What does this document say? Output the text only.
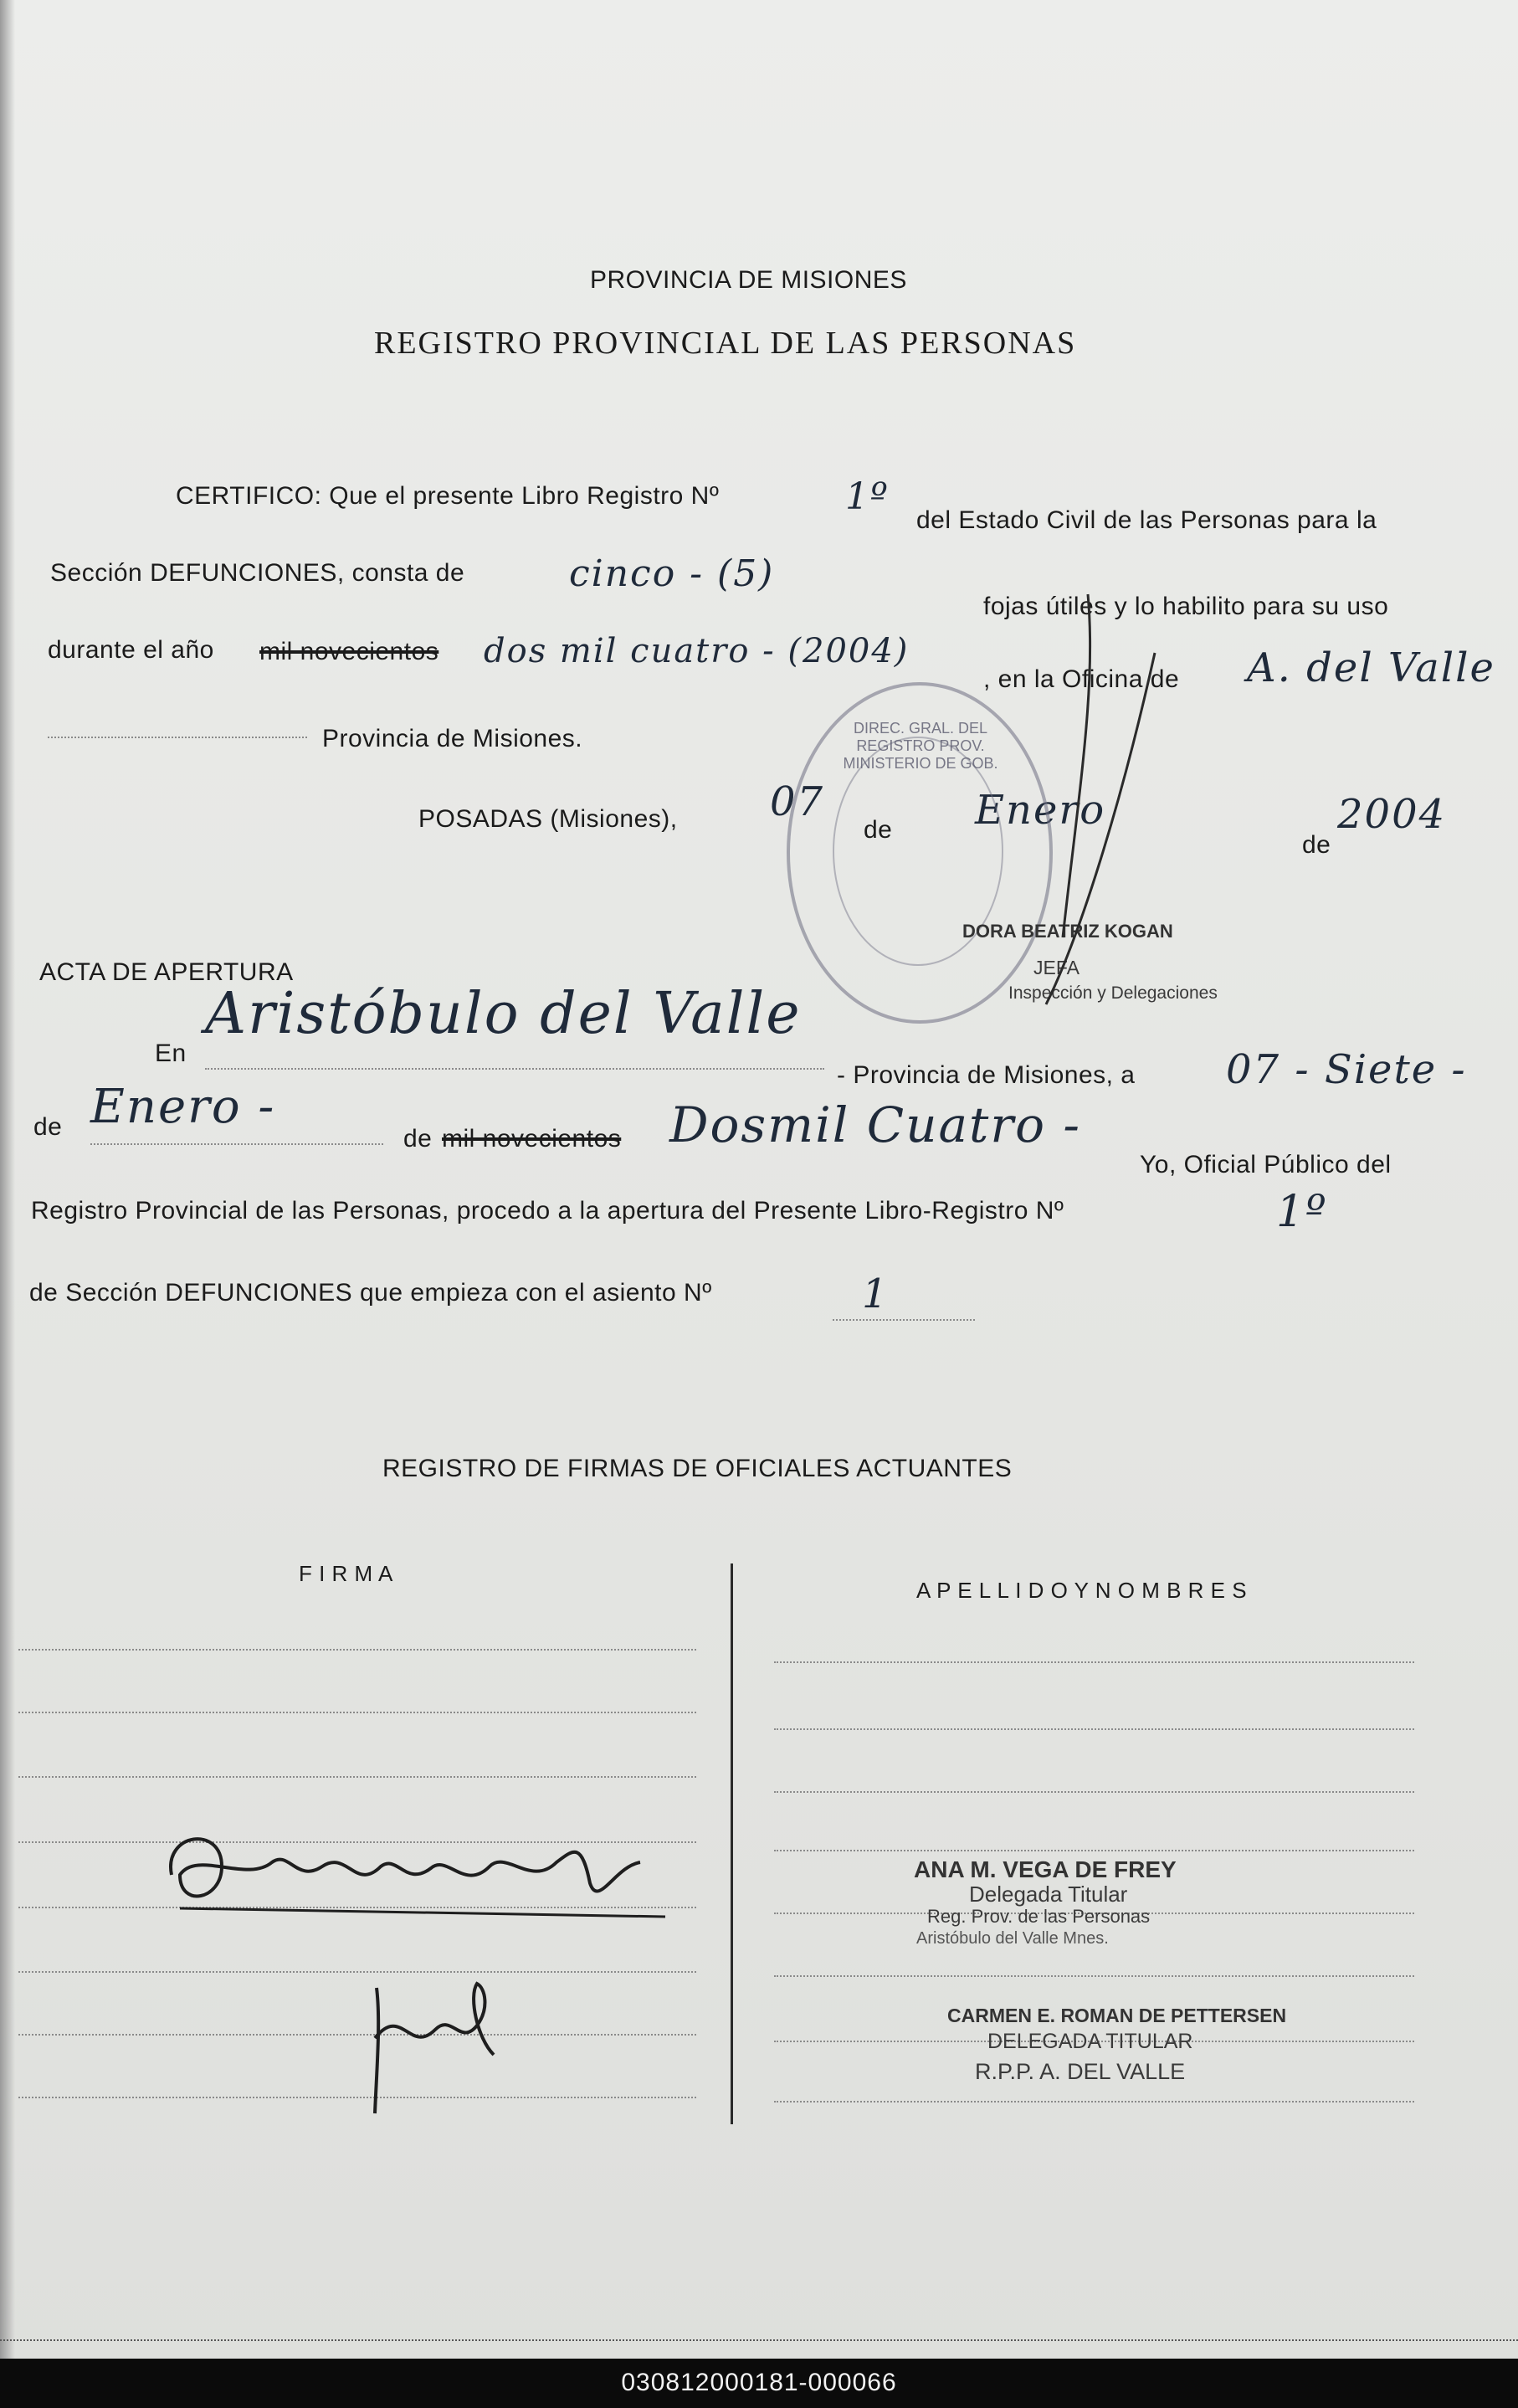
PROVINCIA DE MISIONES
REGISTRO PROVINCIAL DE LAS PERSONAS
CERTIFICO: Que el presente Libro Registro Nº	1º
del Estado Civil de las Personas para la
Sección DEFUNCIONES, consta de	cinco - (5)
fojas útiles y lo habilito para su uso
durante el año mil novecientos dos mil cuatro - (2004)
, en la Oficina de A. del Valle
Provincia de Misiones.
POSADAS (Misiones), 07
de Enero
de
2004
DIREC. GRAL. DEL REGISTRO PROV. MINISTERIO DE GOB.
DORA BEATRIZ KOGAN
JEFA
Inspección y Delegaciones
ACTA DE APERTURA
En
Aristóbulo del Valle
- Provincia de Misiones, a 07 - Siete -
de Enero -
de mil novecientos Dosmil Cuatro -
Yo, Oficial Público del
Registro Provincial de las Personas, procedo a la apertura del Presente Libro-Registro Nº	1º
de Sección DEFUNCIONES que empieza con el asiento Nº	1
REGISTRO DE FIRMAS DE OFICIALES ACTUANTES
F I R M A
A P E L L I D O Y N O M B R E S
ANA M. VEGA DE FREY
Delegada Titular
Reg. Prov. de las Personas
Aristóbulo del Valle Mnes.
CARMEN E. ROMAN DE PETTERSEN
DELEGADA TITULAR
R.P.P. A. DEL VALLE
030812000181-000066
